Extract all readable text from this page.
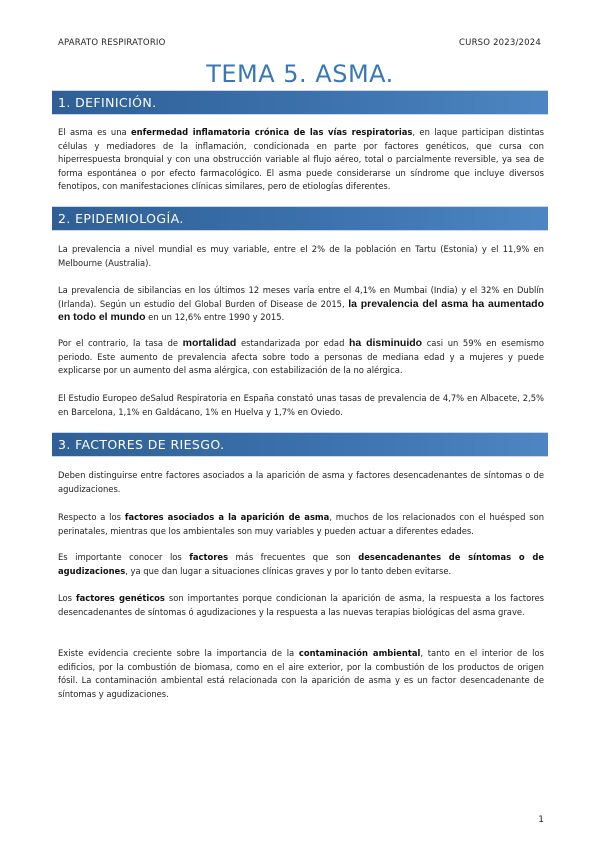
APARATO RESPIRATORIO	CURSO 2023/2024
TEMA 5. ASMA.
1. DEFINICIÓN.
El asma es una enfermedad inflamatoria crónica de las vías respiratorias, en laque participan distintas células y mediadores de la inflamación, condicionada en parte por factores genéticos, que cursa con hiperrespuesta bronquial y con una obstrucción variable al flujo aéreo, total o parcialmente reversible, ya sea de forma espontánea o por efecto farmacológico. El asma puede considerarse un síndrome que incluye diversos fenotipos, con manifestaciones clínicas similares, pero de etiologías diferentes.
2. EPIDEMIOLOGÍA.
La prevalencia a nivel mundial es muy variable, entre el 2% de la población en Tartu (Estonia) y el 11,9% en Melbourne (Australia).
La prevalencia de sibilancias en los últimos 12 meses varía entre el 4,1% en Mumbai (India) y el 32% en Dublín (Irlanda). Según un estudio del Global Burden of Disease de 2015, la prevalencia del asma ha aumentado en todo el mundo en un 12,6% entre 1990 y 2015.
Por el contrario, la tasa de mortalidad estandarizada por edad ha disminuido casi un 59% en esemismo periodo. Este aumento de prevalencia afecta sobre todo a personas de mediana edad y a mujeres y puede explicarse por un aumento del asma alérgica, con estabilización de la no alérgica.
El Estudio Europeo deSalud Respiratoria en España constató unas tasas de prevalencia de 4,7% en Albacete, 2,5% en Barcelona, 1,1% en Galdácano, 1% en Huelva y 1,7% en Oviedo.
3. FACTORES DE RIESGO.
Deben distinguirse entre factores asociados a la aparición de asma y factores desencadenantes de síntomas o de agudizaciones.
Respecto a los factores asociados a la aparición de asma, muchos de los relacionados con el huésped son perinatales, mientras que los ambientales son muy variables y pueden actuar a diferentes edades.
Es importante conocer los factores más frecuentes que son desencadenantes de síntomas o de agudizaciones, ya que dan lugar a situaciones clínicas graves y por lo tanto deben evitarse.
Los factores genéticos son importantes porque condicionan la aparición de asma, la respuesta a los factores desencadenantes de síntomas ó agudizaciones y la respuesta a las nuevas terapias biológicas del asma grave.
Existe evidencia creciente sobre la importancia de la contaminación ambiental, tanto en el interior de los edificios, por la combustión de biomasa, como en el aire exterior, por la combustión de los productos de origen fósil. La contaminación ambiental está relacionada con la aparición de asma y es un factor desencadenante de síntomas y agudizaciones.
1
